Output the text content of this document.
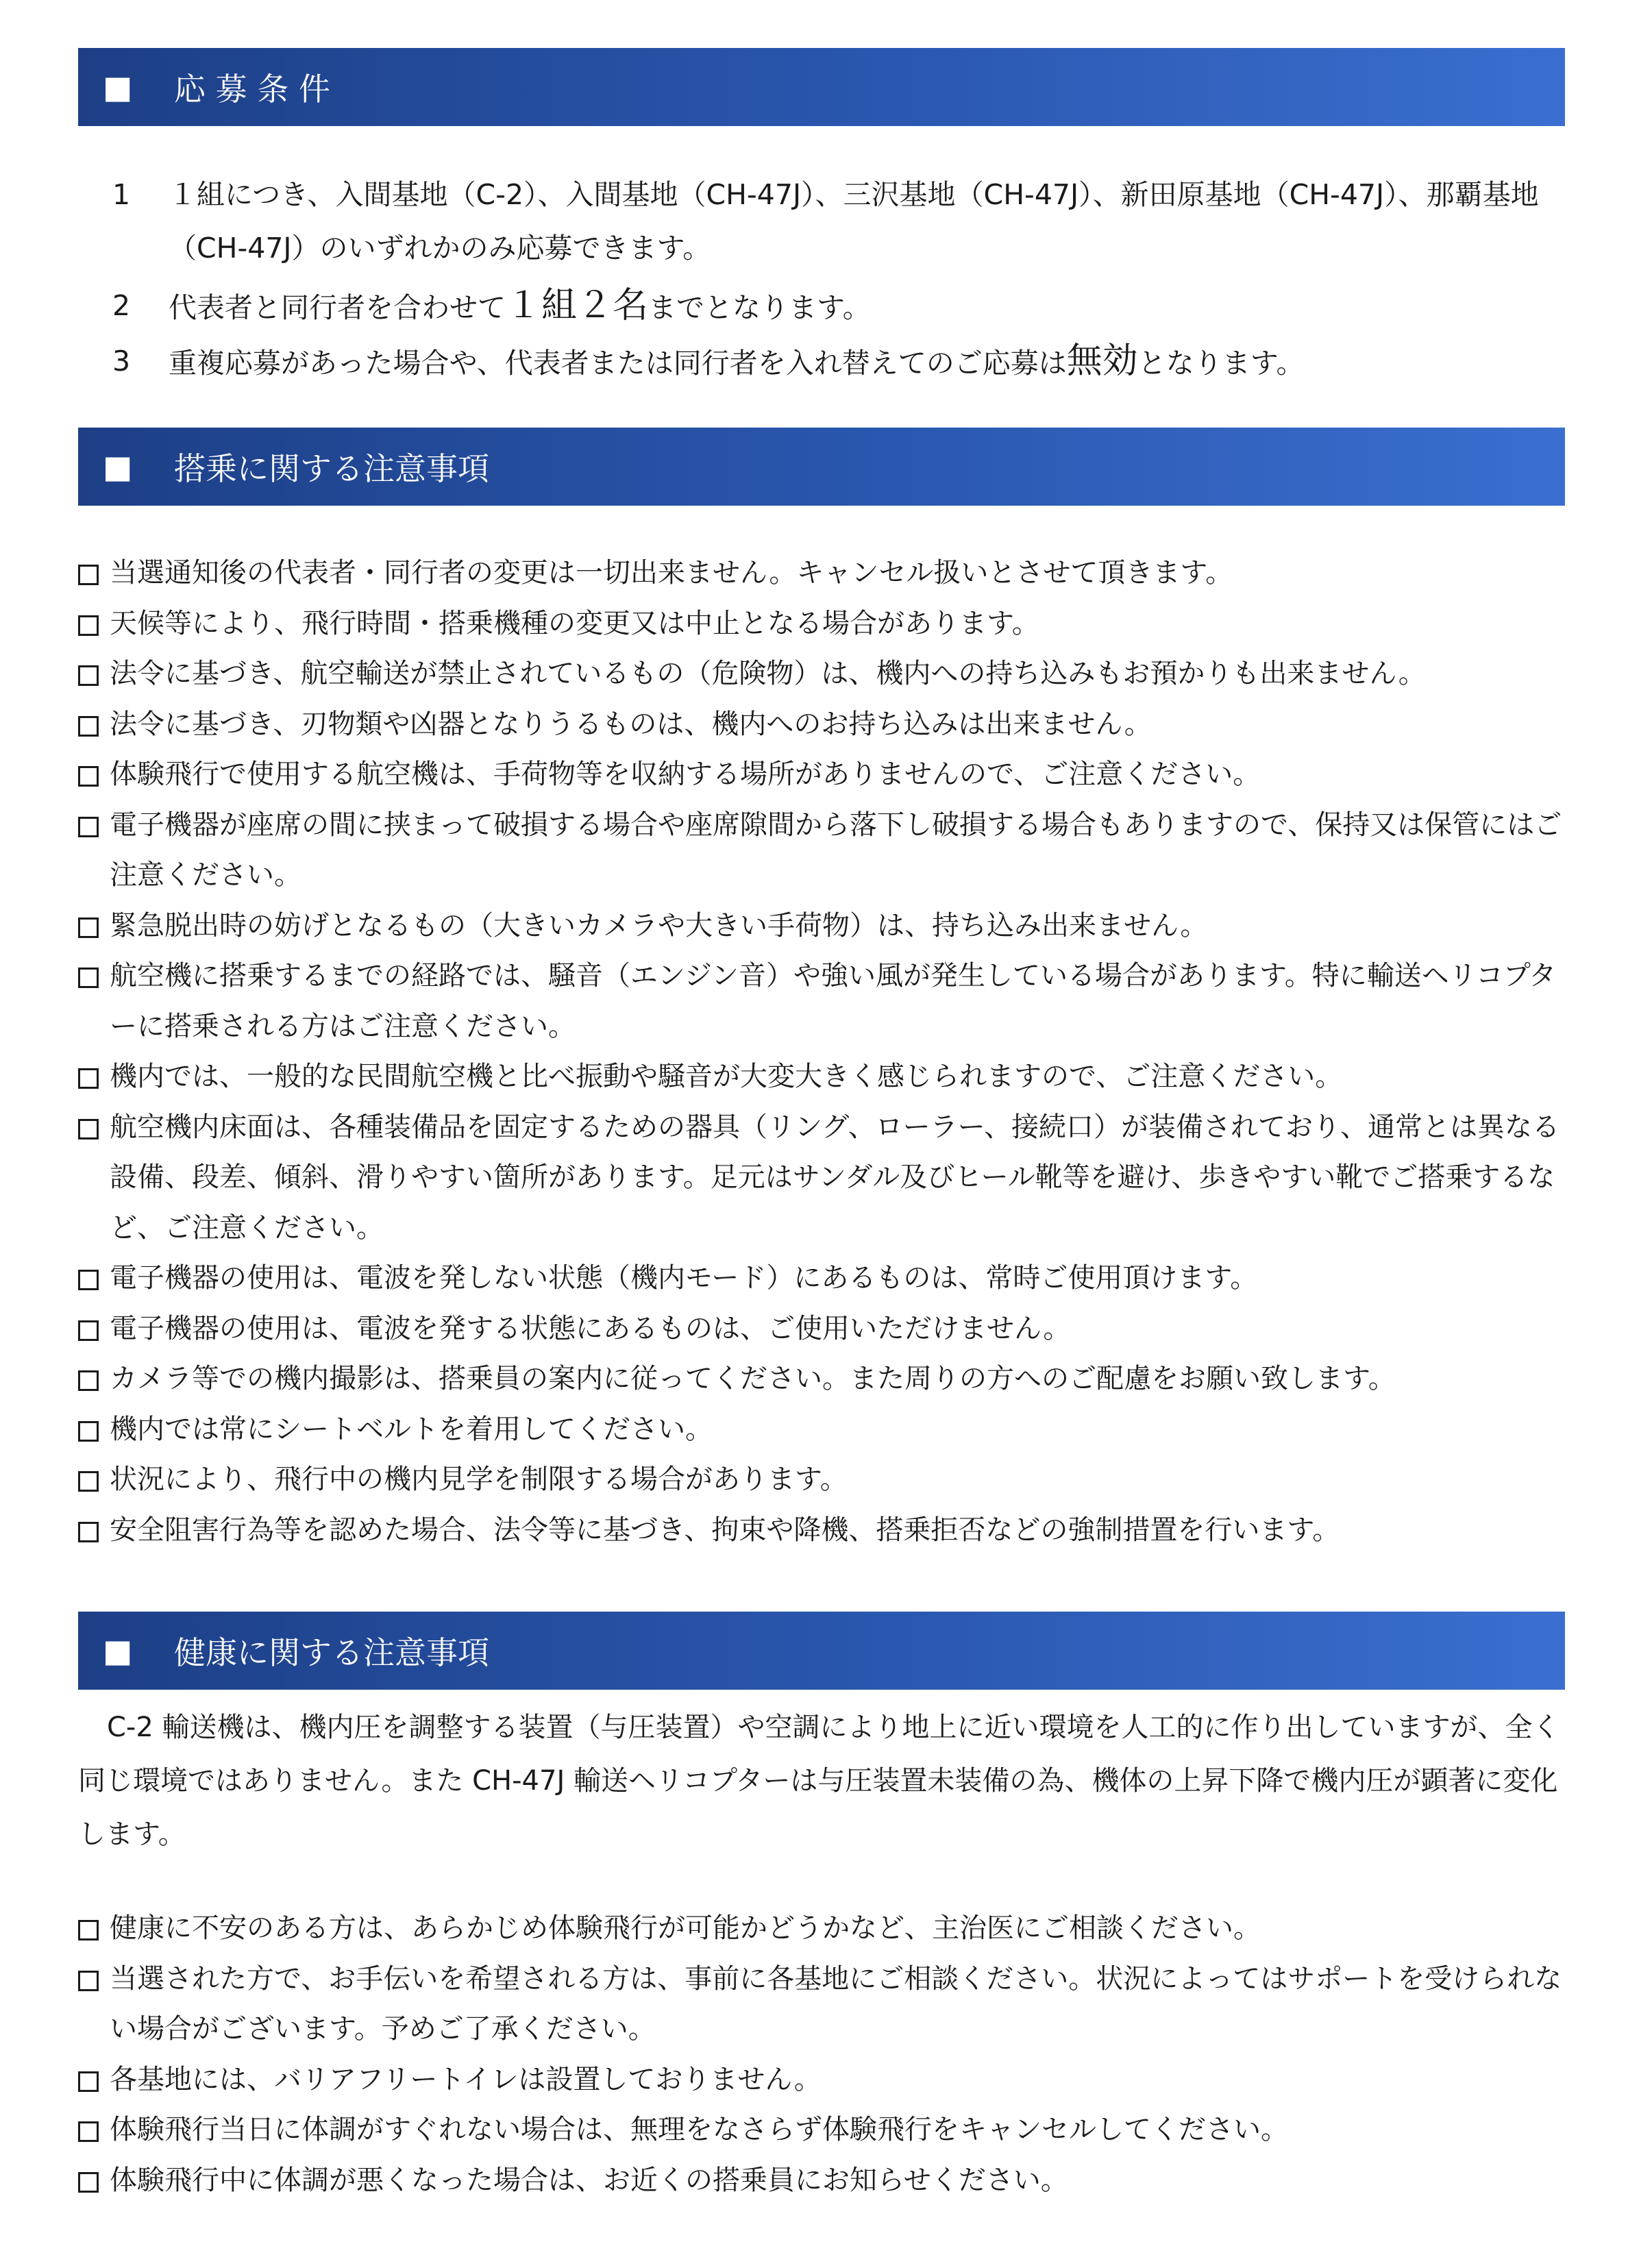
■	応 募 条 件
1 １組につき、入間基地（C-2）、入間基地（CH-47J）、三沢基地（CH-47J）、新田原基地（CH-47J）、那覇基地（CH-47J）のいずれかのみ応募できます。
2 代表者と同行者を合わせて１組２名までとなります。
3 重複応募があった場合や、代表者または同行者を入れ替えてのご応募は無効となります。
■	搭乗に関する注意事項
当選通知後の代表者・同行者の変更は一切出来ません。キャンセル扱いとさせて頂きます。
天候等により、飛行時間・搭乗機種の変更又は中止となる場合があります。
法令に基づき、航空輸送が禁止されているもの（危険物）は、機内への持ち込みもお預かりも出来ません。
法令に基づき、刃物類や凶器となりうるものは、機内へのお持ち込みは出来ません。
体験飛行で使用する航空機は、手荷物等を収納する場所がありませんので、ご注意ください。
電子機器が座席の間に挟まって破損する場合や座席隙間から落下し破損する場合もありますので、保持又は保管にはご注意ください。
緊急脱出時の妨げとなるもの（大きいカメラや大きい手荷物）は、持ち込み出来ません。
航空機に搭乗するまでの経路では、騒音（エンジン音）や強い風が発生している場合があります。特に輸送ヘリコプターに搭乗される方はご注意ください。
機内では、一般的な民間航空機と比べ振動や騒音が大変大きく感じられますので、ご注意ください。
航空機内床面は、各種装備品を固定するための器具（リング、ローラー、接続口）が装備されており、通常とは異なる設備、段差、傾斜、滑りやすい箇所があります。足元はサンダル及びヒール靴等を避け、歩きやすい靴でご搭乗するなど、ご注意ください。
電子機器の使用は、電波を発しない状態（機内モード）にあるものは、常時ご使用頂けます。
電子機器の使用は、電波を発する状態にあるものは、ご使用いただけません。
カメラ等での機内撮影は、搭乗員の案内に従ってください。また周りの方へのご配慮をお願い致します。
機内では常にシートベルトを着用してください。
状況により、飛行中の機内見学を制限する場合があります。
安全阻害行為等を認めた場合、法令等に基づき、拘束や降機、搭乗拒否などの強制措置を行います。
■	健康に関する注意事項
C-2 輸送機は、機内圧を調整する装置（与圧装置）や空調により地上に近い環境を人工的に作り出していますが、全く同じ環境ではありません。また CH-47J 輸送ヘリコプターは与圧装置未装備の為、機体の上昇下降で機内圧が顕著に変化します。
健康に不安のある方は、あらかじめ体験飛行が可能かどうかなど、主治医にご相談ください。
当選された方で、お手伝いを希望される方は、事前に各基地にご相談ください。状況によってはサポートを受けられない場合がございます。予めご了承ください。
各基地には、バリアフリートイレは設置しておりません。
体験飛行当日に体調がすぐれない場合は、無理をなさらず体験飛行をキャンセルしてください。
体験飛行中に体調が悪くなった場合は、お近くの搭乗員にお知らせください。
